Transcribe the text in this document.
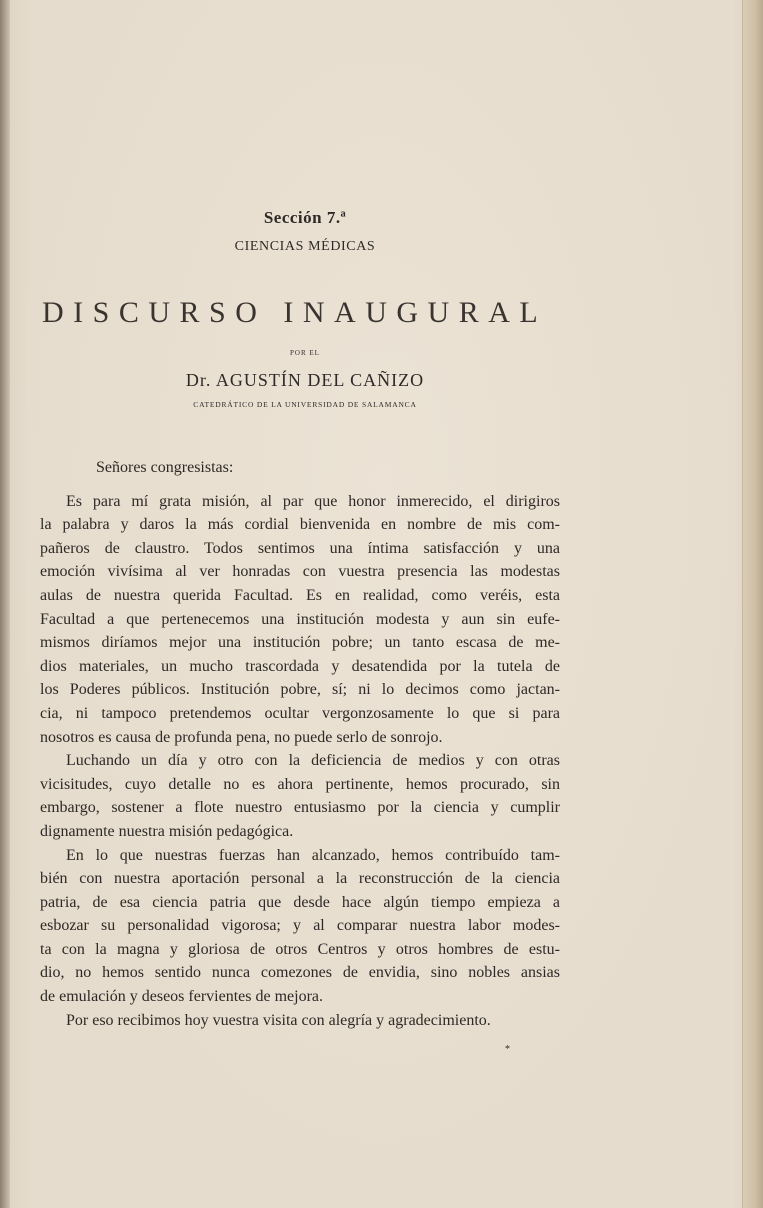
Sección 7.ª
CIENCIAS MÉDICAS
DISCURSO INAUGURAL
POR EL
Dr. AGUSTÍN DEL CAÑIZO
CATEDRÁTICO DE LA UNIVERSIDAD DE SALAMANCA

Señores congresistas:

Es para mí grata misión, al par que honor inmerecido, el dirigiros
la palabra y daros la más cordial bienvenida en nombre de mis com-
pañeros de claustro. Todos sentimos una íntima satisfacción y una
emoción vivísima al ver honradas con vuestra presencia las modestas
aulas de nuestra querida Facultad. Es en realidad, como veréis, esta
Facultad a que pertenecemos una institución modesta y aun sin eufe-
mismos diríamos mejor una institución pobre; un tanto escasa de me-
dios materiales, un mucho trascordada y desatendida por la tutela de
los Poderes públicos. Institución pobre, sí; ni lo decimos como jactan-
cia, ni tampoco pretendemos ocultar vergonzosamente lo que si para
nosotros es causa de profunda pena, no puede serlo de sonrojo.
Luchando un día y otro con la deficiencia de medios y con otras
vicisitudes, cuyo detalle no es ahora pertinente, hemos procurado, sin
embargo, sostener a flote nuestro entusiasmo por la ciencia y cumplir
dignamente nuestra misión pedagógica.
En lo que nuestras fuerzas han alcanzado, hemos contribuído tam-
bién con nuestra aportación personal a la reconstrucción de la ciencia
patria, de esa ciencia patria que desde hace algún tiempo empieza a
esbozar su personalidad vigorosa; y al comparar nuestra labor modes-
ta con la magna y gloriosa de otros Centros y otros hombres de estu-
dio, no hemos sentido nunca comezones de envidia, sino nobles ansias
de emulación y deseos fervientes de mejora.
Por eso recibimos hoy vuestra visita con alegría y agradecimiento.
*
